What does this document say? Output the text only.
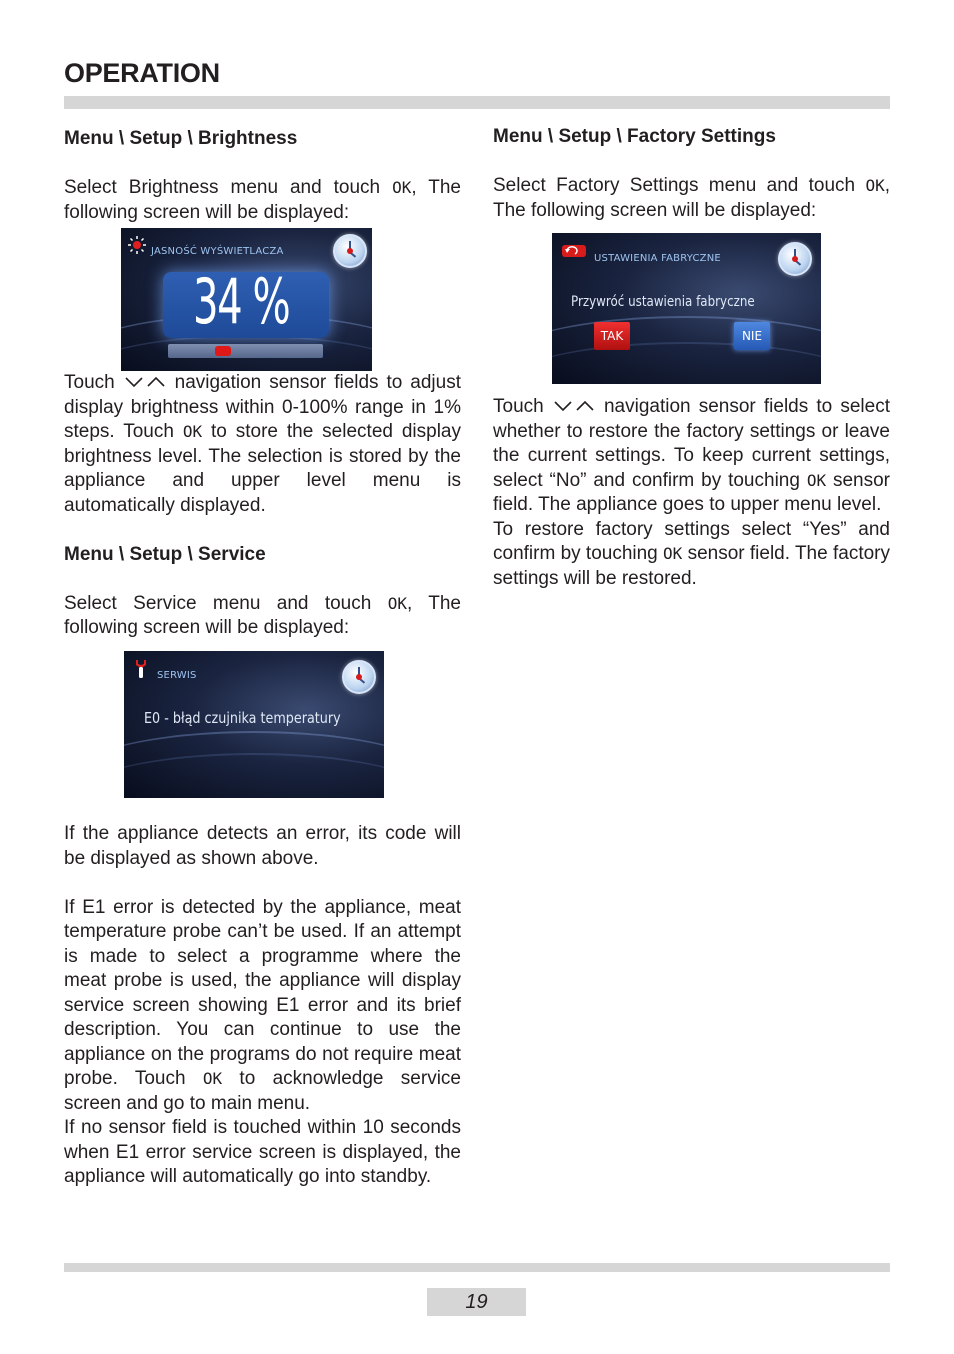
OPERATION
Menu \ Setup \ Brightness

Select Brightness menu and touch OK, The following screen will be displayed:

JASNOŚĆ WYŚWIETLACZA
34 %

Touch
navigation sensor fields to adjust display brightness within 0-100% range in 1% steps. Touch OK to store the selected display brightness level. The selection is stored by the appliance and upper level menu is automatically displayed.

Menu \ Setup \ Service

Select Service menu and touch OK, The following screen will be displayed:

SERWIS
E0 - błąd czujnika temperatury

If the appliance detects an error, its code will be displayed as shown above.

If E1 error is detected by the appliance, meat temperature probe can’t be used. If an attempt is made to select a programme where the meat probe is used, the appliance will display service screen showing E1 error and its brief description. You can continue to use the appliance on the programs do not require meat probe. Touch OK to acknowledge service screen and go to main menu.

If no sensor field is touched within 10 seconds when E1 error service screen is displayed, the appliance will automatically go into standby.

Menu \ Setup \ Factory Settings

Select Factory Settings menu and touch OK, The following screen will be displayed:

USTAWIENIA FABRYCZNE
Przywróć ustawienia fabryczne
TAK	NIE

Touch
navigation sensor fields to select whether to restore the factory settings or leave the current settings. To keep current settings, select “No” and confirm by touching OK sensor field. The appliance goes to upper menu level.

To restore factory settings select “Yes” and confirm by touching OK sensor field. The factory settings will be restored.

19
